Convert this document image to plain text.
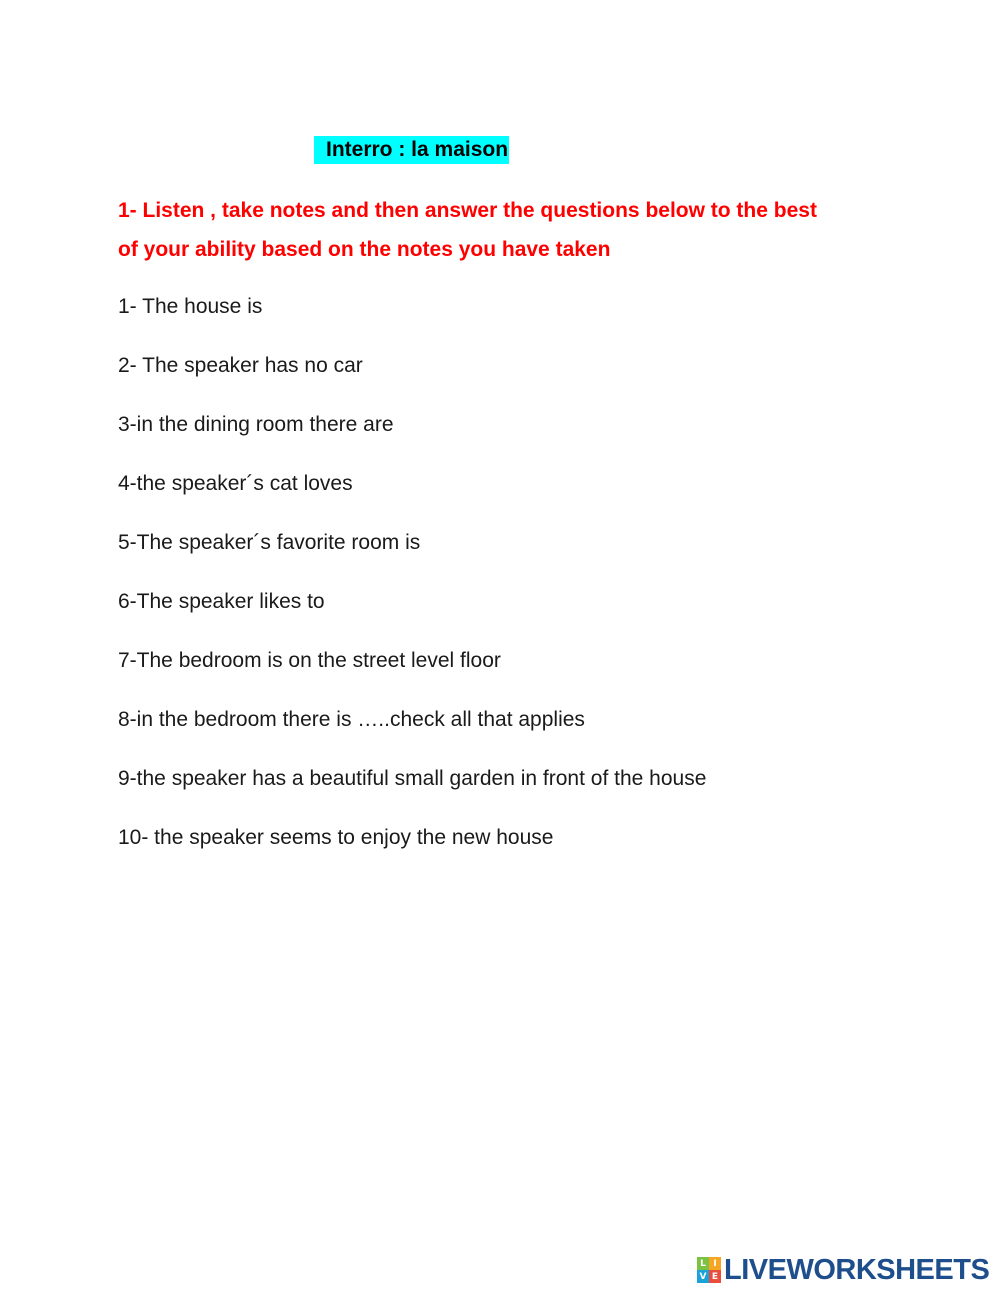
Interro : la maison
1- Listen , take notes and then answer the questions below to the best
of your ability based on the notes you have taken
1- The house is
2- The speaker has no car
3-in the dining room there are
4-the speaker´s cat loves
5-The speaker´s favorite room is
6-The speaker likes to
7-The bedroom is on the street level floor
8-in the bedroom there is …..check all that applies
9-the speaker has a beautiful small garden in front of the house
10- the speaker seems to enjoy the new house
L I
V E LIVEWORKSHEETS
